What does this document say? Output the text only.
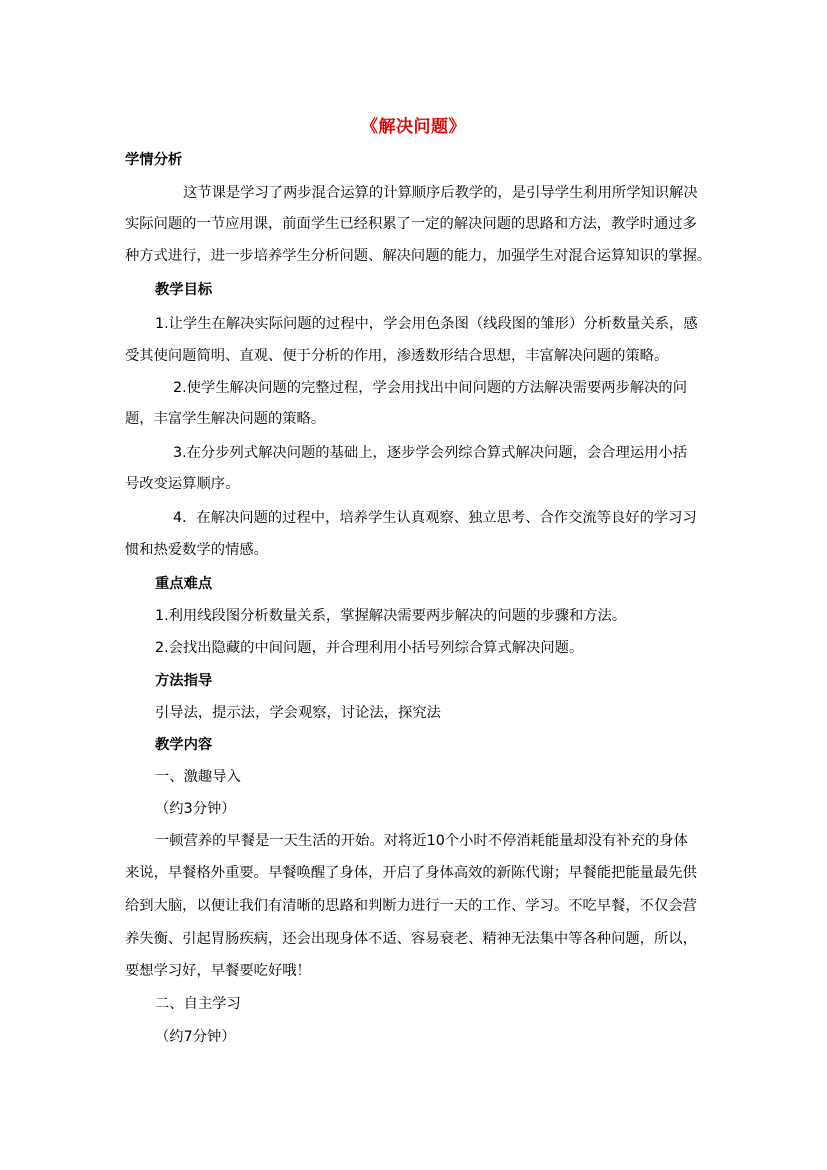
《解决问题》
学情分析
这节课是学习了两步混合运算的计算顺序后教学的，是引导学生利用所学知识解决
实际问题的一节应用课，前面学生已经积累了一定的解决问题的思路和方法，教学时通过多
种方式进行，进一步培养学生分析问题、解决问题的能力，加强学生对混合运算知识的掌握。
教学目标
1.让学生在解决实际问题的过程中，学会用色条图（线段图的雏形）分析数量关系，感
受其使问题简明、直观、便于分析的作用，渗透数形结合思想，丰富解决问题的策略。
2.使学生解决问题的完整过程，学会用找出中间问题的方法解决需要两步解决的问
题，丰富学生解决问题的策略。
3.在分步列式解决问题的基础上，逐步学会列综合算式解决问题，会合理运用小括
号改变运算顺序。
4．在解决问题的过程中，培养学生认真观察、独立思考、合作交流等良好的学习习
惯和热爱数学的情感。
重点难点
1.利用线段图分析数量关系，掌握解决需要两步解决的问题的步骤和方法。
2.会找出隐藏的中间问题，并合理利用小括号列综合算式解决问题。
方法指导
引导法，提示法，学会观察，讨论法，探究法
教学内容
一、激趣导入
（约3分钟）
一顿营养的早餐是一天生活的开始。对将近10个小时不停消耗能量却没有补充的身体
来说，早餐格外重要。早餐唤醒了身体，开启了身体高效的新陈代谢；早餐能把能量最先供
给到大脑，以便让我们有清晰的思路和判断力进行一天的工作、学习。不吃早餐，不仅会营
养失衡、引起胃肠疾病，还会出现身体不适、容易衰老、精神无法集中等各种问题，所以，
要想学习好，早餐要吃好哦！
二、自主学习
（约7分钟）
